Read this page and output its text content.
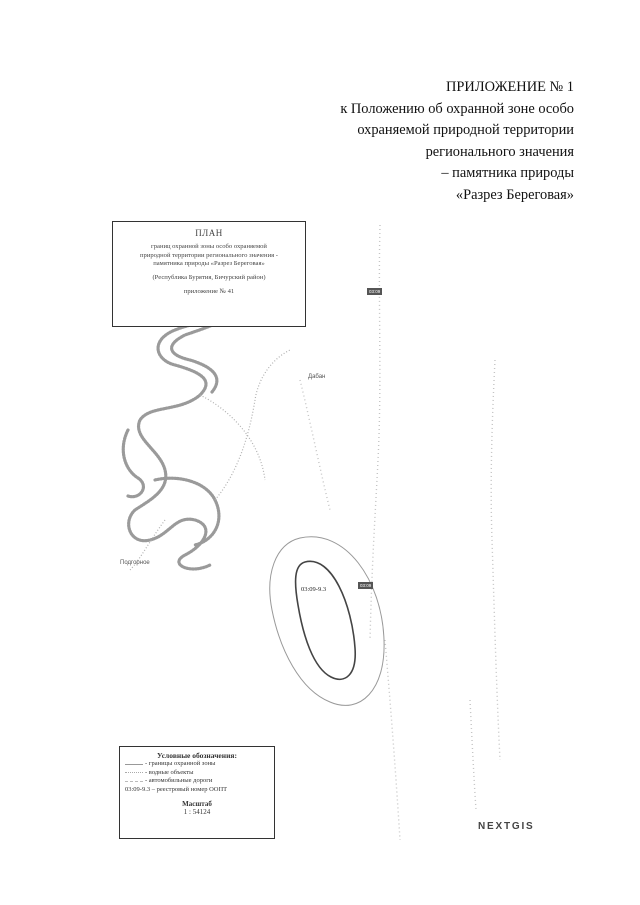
ПРИЛОЖЕНИЕ № 1
к Положению об охранной зоне особо
охраняемой природной территории
регионального значения
– памятника природы
«Разрез Береговая»
ПЛАН
границ охранной зоны особо охраняемой
природной территории регионального значения -
памятника природы «Разрез Береговая»
(Республика Бурятия, Бичурский район)
приложение № 41
Дабан
Подгорное
03:09-9.3
03:09
03:09
Условные обозначения:
- границы охранной зоны
- водные объекты
- автомобильные дороги
03:09-9.3 – реестровый номер ООПТ
Масштаб
1 : 54124
NEXTGIS
